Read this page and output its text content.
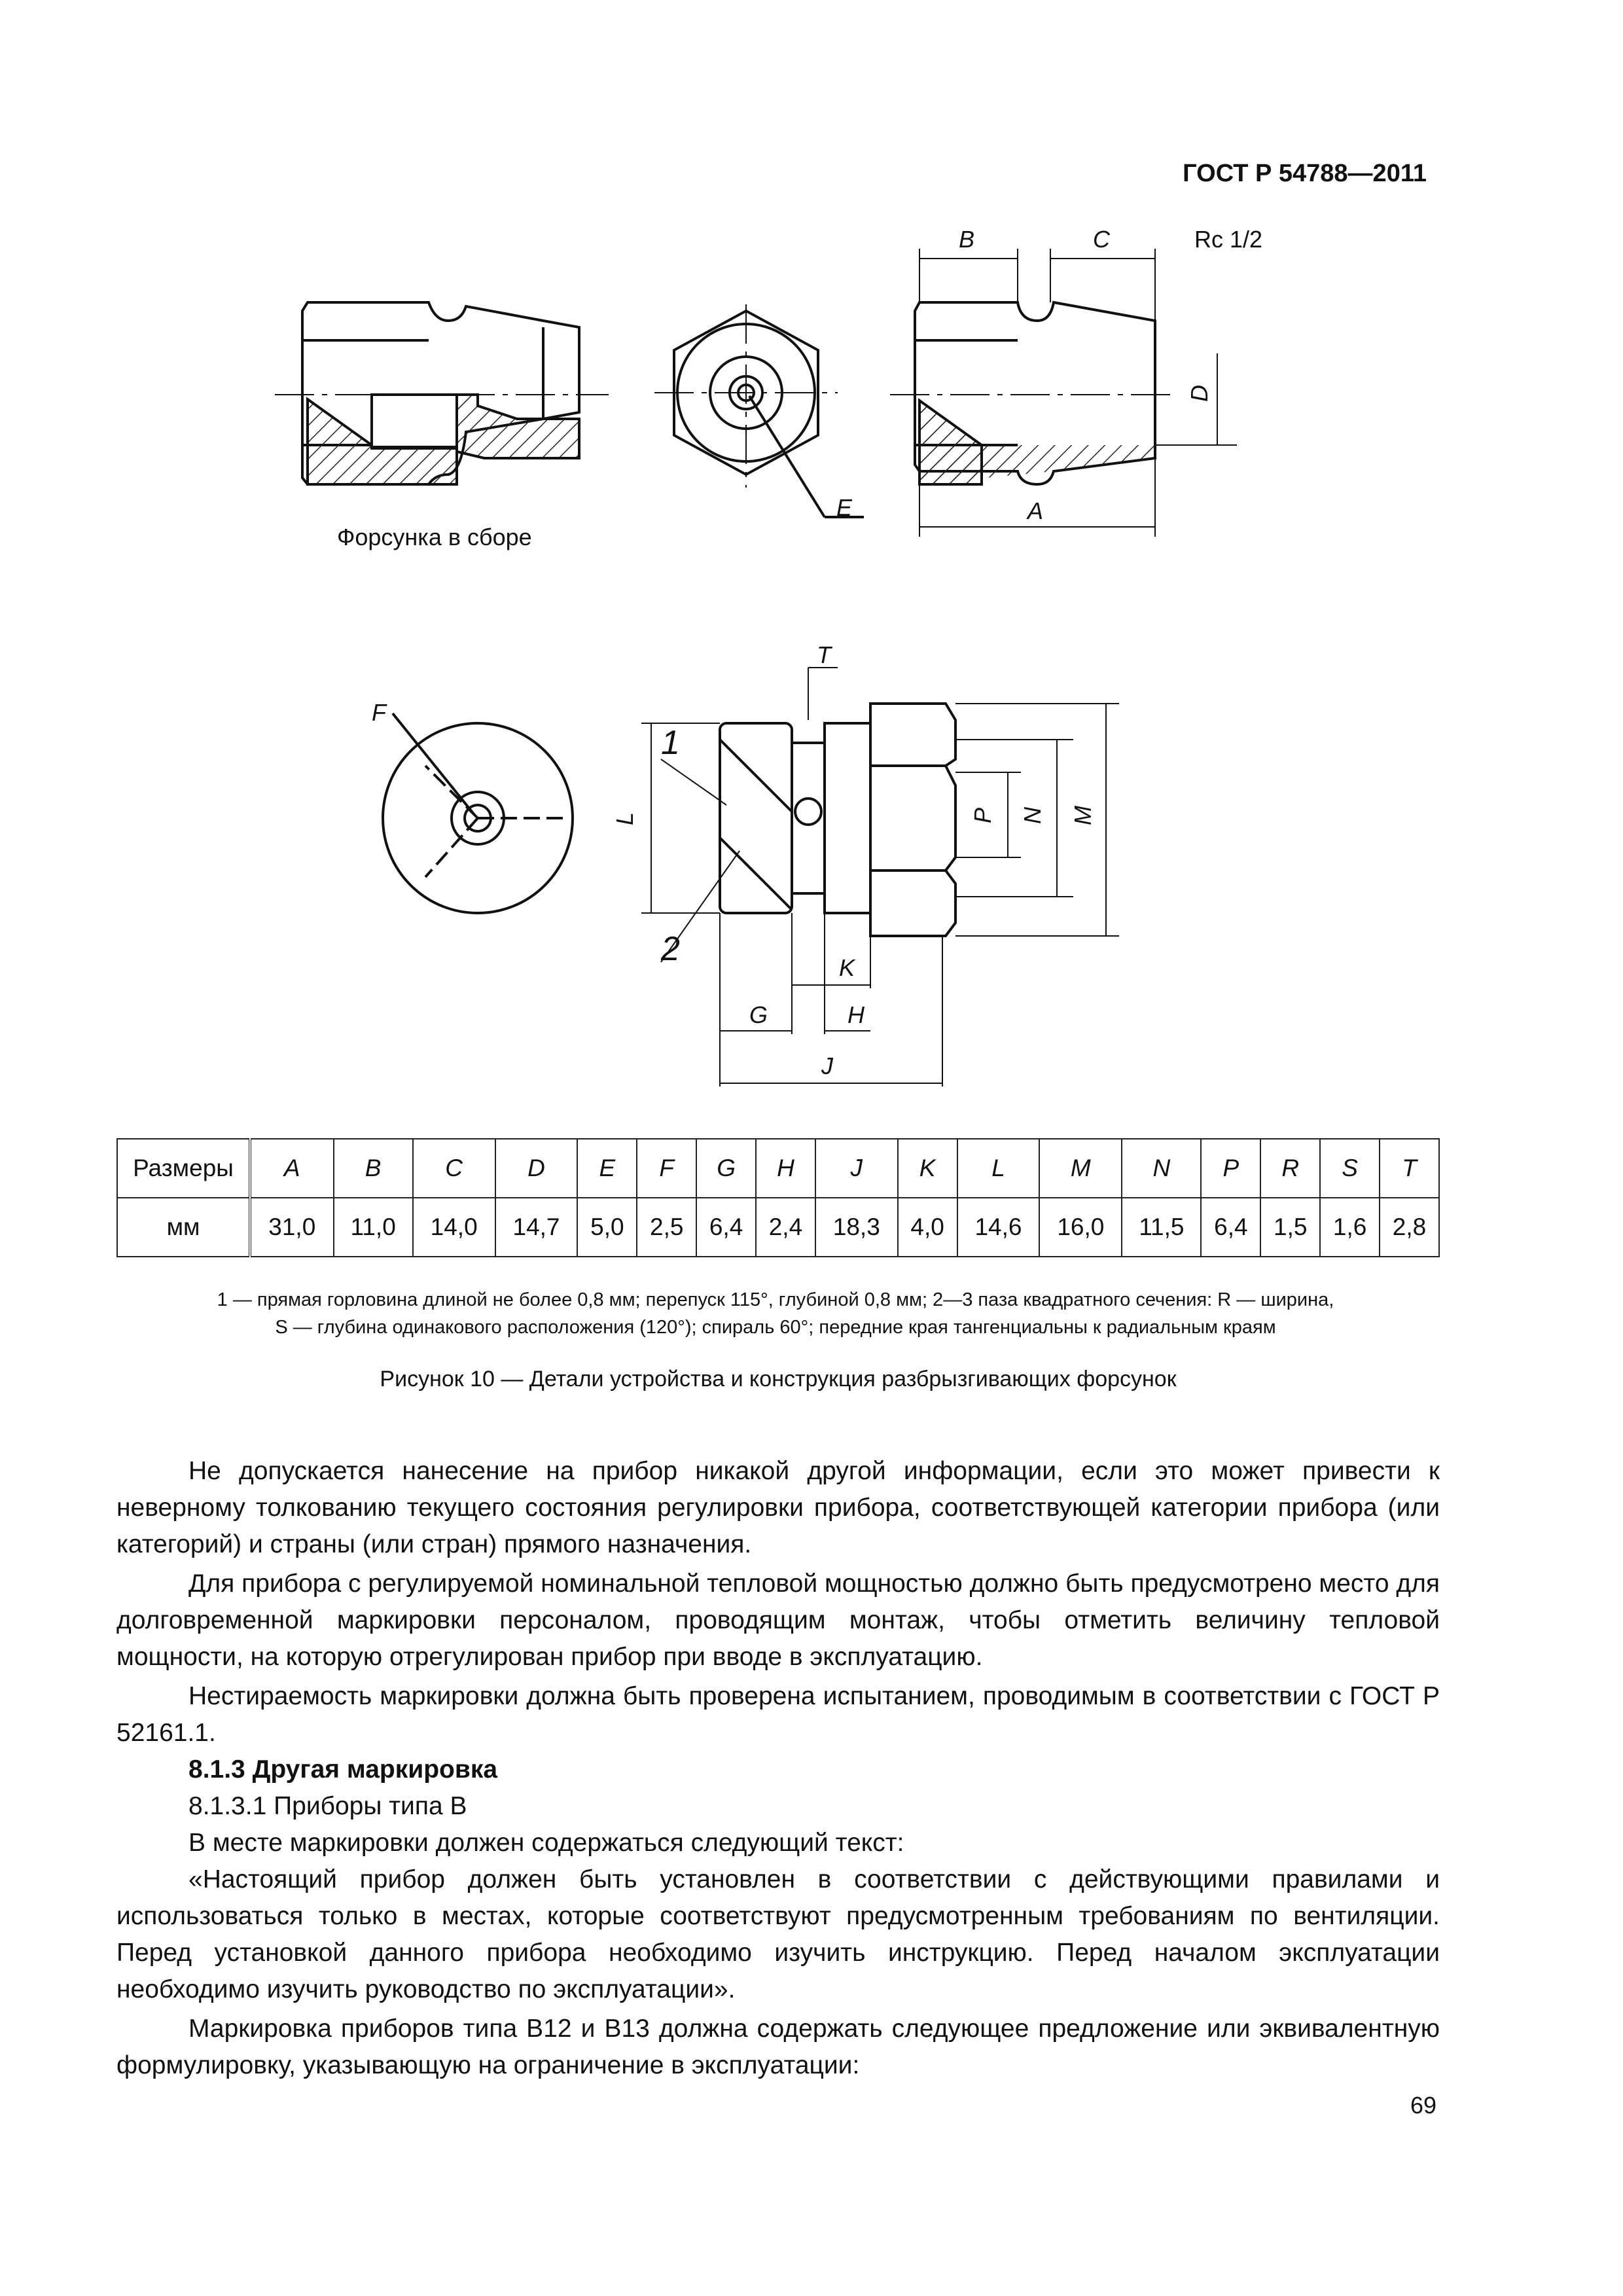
ГОСТ Р 54788—2011
B	C	Rc 1/2
D
E	A
Форсунка в сборе
T
F
1
2
L	P N M
K
G	H
J
Размеры	A	B	C	D	E	F	G	H	J	K	L	M	N	P	R	S	T
мм	31,0	11,0	14,0	14,7	5,0	2,5	6,4	2,4	18,3	4,0	14,6	16,0	11,5	6,4	1,5	1,6	2,8
1 — прямая горловина длиной не более 0,8 мм; перепуск 115°, глубиной 0,8 мм; 2—3 паза квадратного сечения: R — ширина,
S — глубина одинакового расположения (120°); спираль 60°; передние края тангенциальны к радиальным краям
Рисунок 10 — Детали устройства и конструкция разбрызгивающих форсунок

Не допускается нанесение на прибор никакой другой информации, если это может привести к неверному толкованию текущего состояния регулировки прибора, соответствующей категории прибора (или категорий) и страны (или стран) прямого назначения.

Для прибора с регулируемой номинальной тепловой мощностью должно быть предусмотрено место для долговременной маркировки персоналом, проводящим монтаж, чтобы отметить величину тепловой мощности, на которую отрегулирован прибор при вводе в эксплуатацию.

Нестираемость маркировки должна быть проверена испытанием, проводимым в соответствии с ГОСТ Р 52161.1.

8.1.3 Другая маркировка

8.1.3.1 Приборы типа В

В месте маркировки должен содержаться следующий текст:

«Настоящий прибор должен быть установлен в соответствии с действующими правилами и использоваться только в местах, которые соответствуют предусмотренным требованиям по вентиляции. Перед установкой данного прибора необходимо изучить инструкцию. Перед началом эксплуатации необходимо изучить руководство по эксплуатации».

Маркировка приборов типа В12 и В13 должна содержать следующее предложение или эквивалентную формулировку, указывающую на ограничение в эксплуатации:

69
